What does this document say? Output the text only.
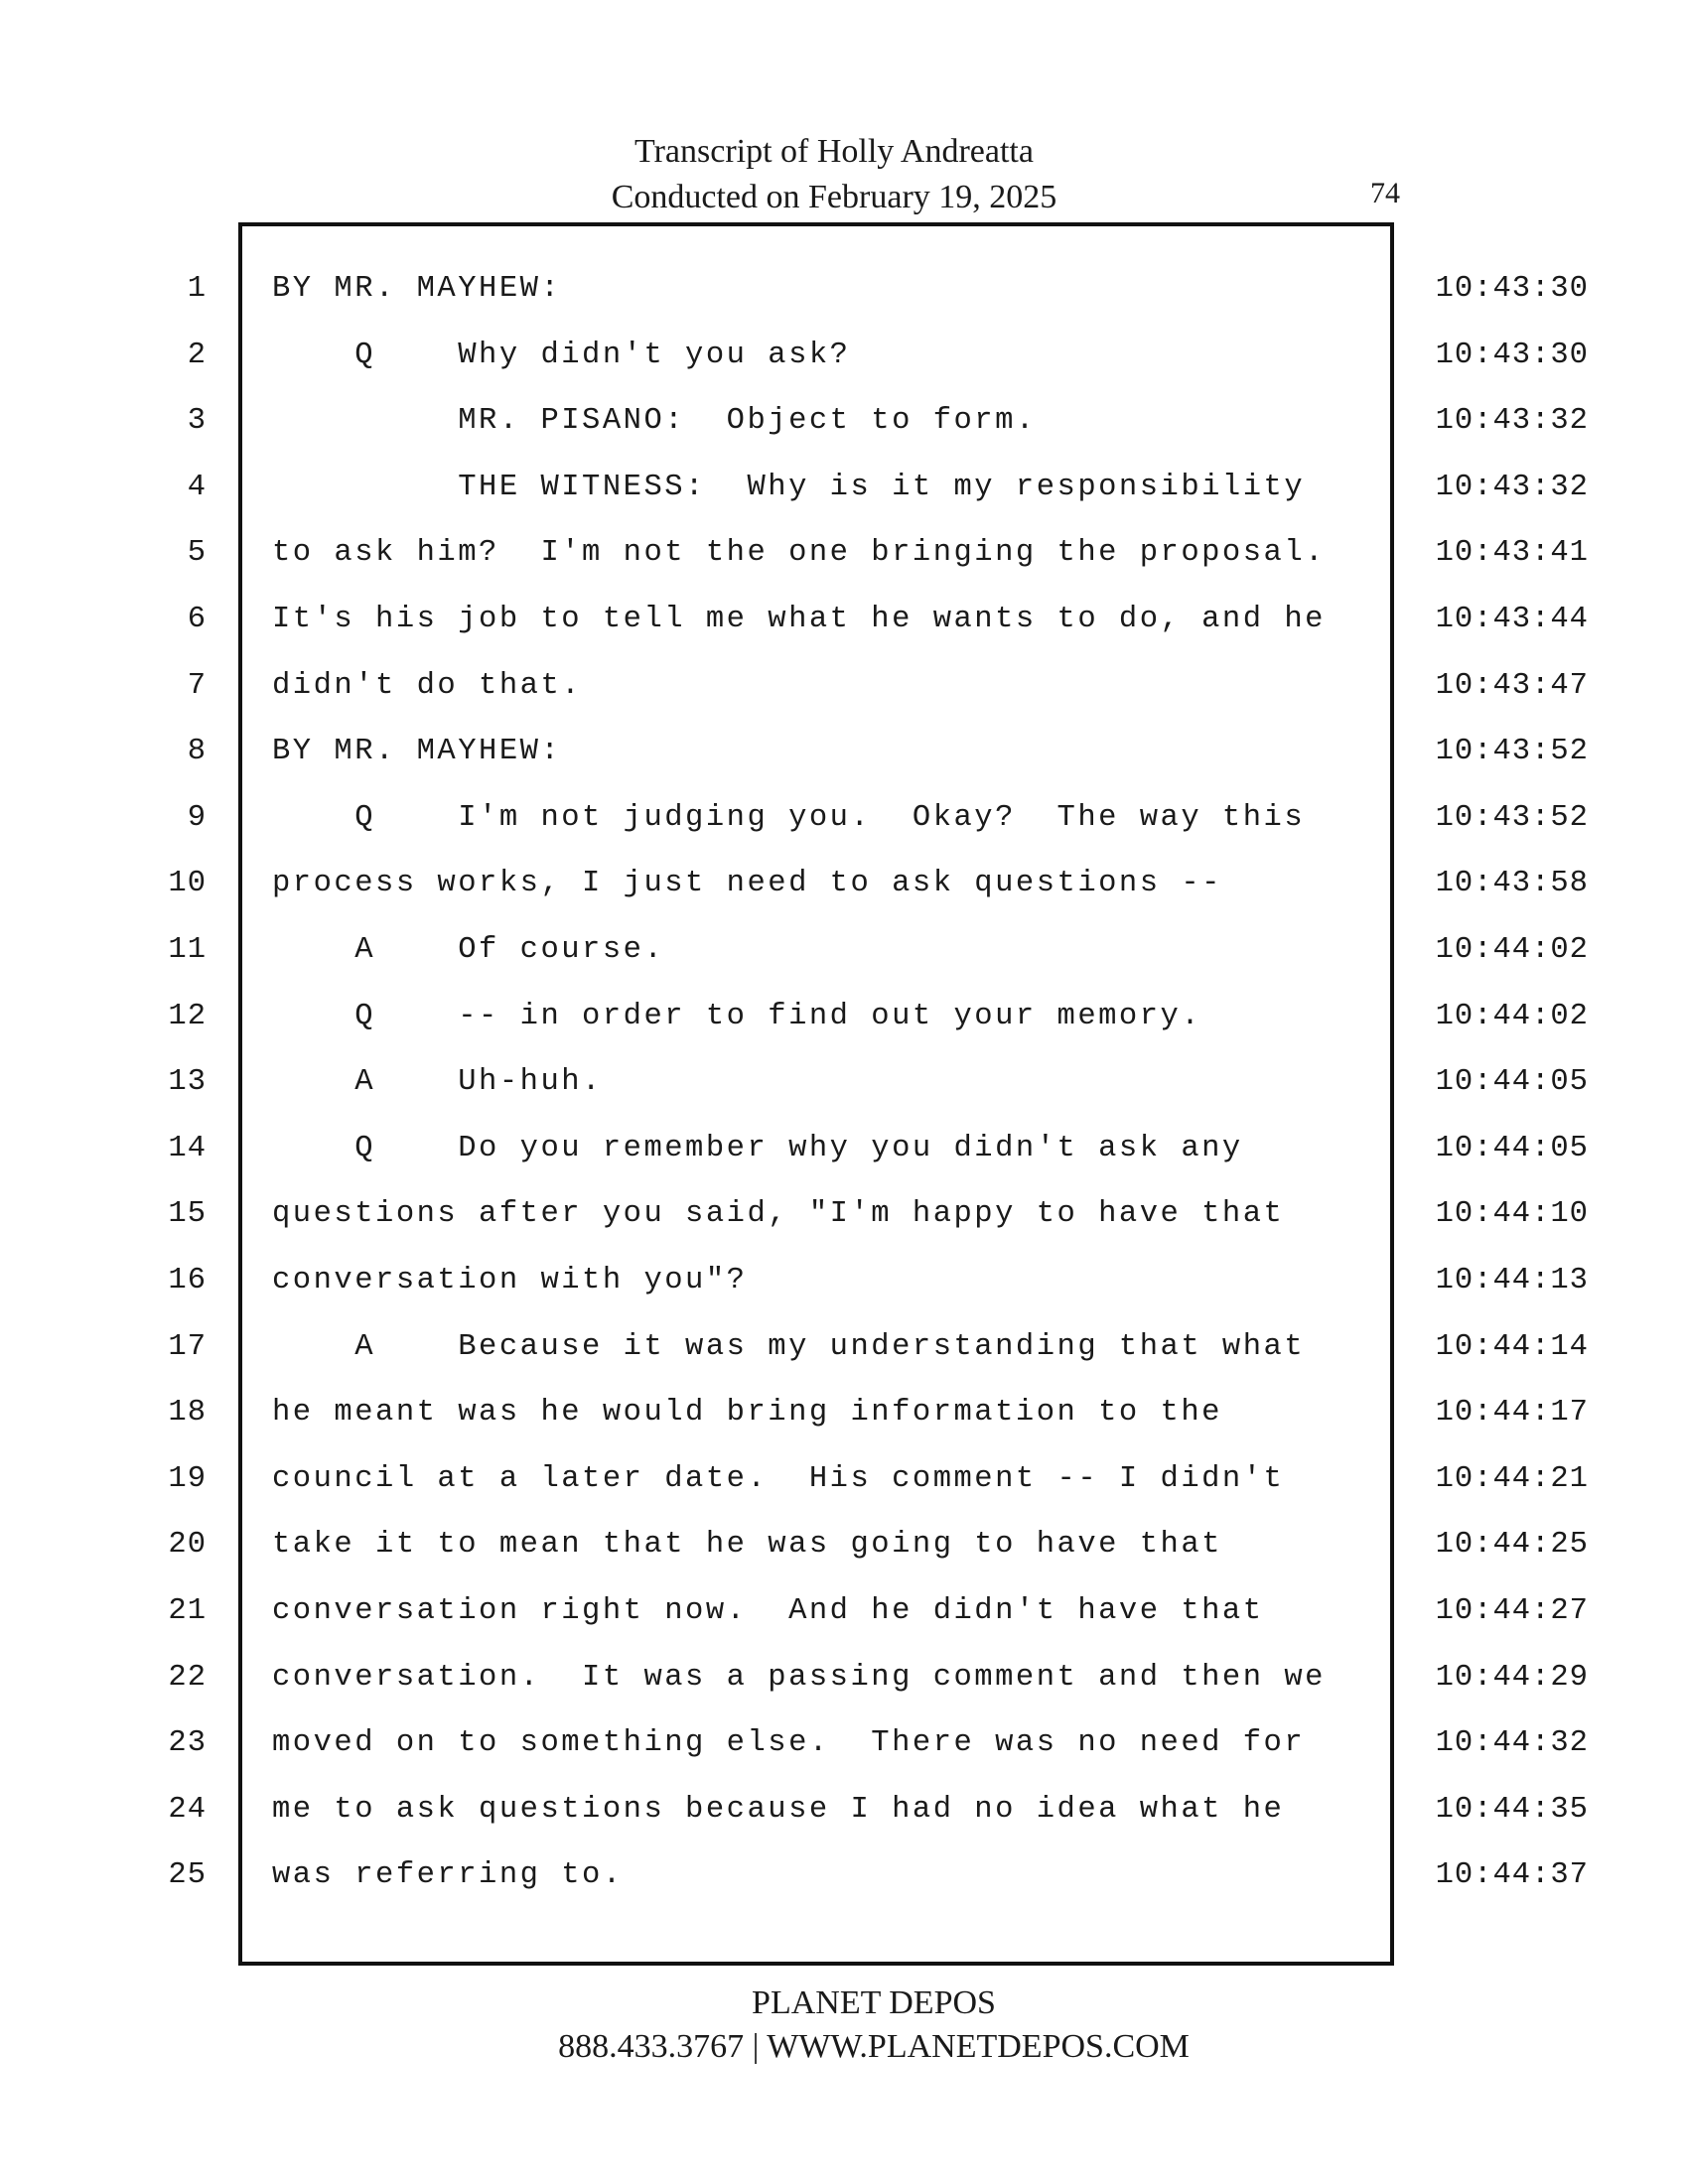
Transcript of Holly Andreatta
Conducted on February 19, 2025	74
1 BY MR. MAYHEW:	10:43:30
2 Q    Why didn't you ask?	10:43:30
3 MR. PISANO:  Object to form.	10:43:32
4 THE WITNESS:  Why is it my responsibility	10:43:32
5 to ask him?  I'm not the one bringing the proposal.	10:43:41
6 It's his job to tell me what he wants to do, and he	10:43:44
7 didn't do that.	10:43:47
8 BY MR. MAYHEW:	10:43:52
9 Q    I'm not judging you.  Okay?  The way this	10:43:52
10 process works, I just need to ask questions --	10:43:58
11 A    Of course.	10:44:02
12 Q    -- in order to find out your memory.	10:44:02
13 A    Uh-huh.	10:44:05
14 Q    Do you remember why you didn't ask any	10:44:05
15 questions after you said, "I'm happy to have that	10:44:10
16 conversation with you"?	10:44:13
17 A    Because it was my understanding that what	10:44:14
18 he meant was he would bring information to the	10:44:17
19 council at a later date.  His comment -- I didn't	10:44:21
20 take it to mean that he was going to have that	10:44:25
21 conversation right now.  And he didn't have that	10:44:27
22 conversation.  It was a passing comment and then we	10:44:29
23 moved on to something else.  There was no need for	10:44:32
24 me to ask questions because I had no idea what he	10:44:35
25 was referring to.	10:44:37
PLANET DEPOS
888.433.3767 | WWW.PLANETDEPOS.COM
